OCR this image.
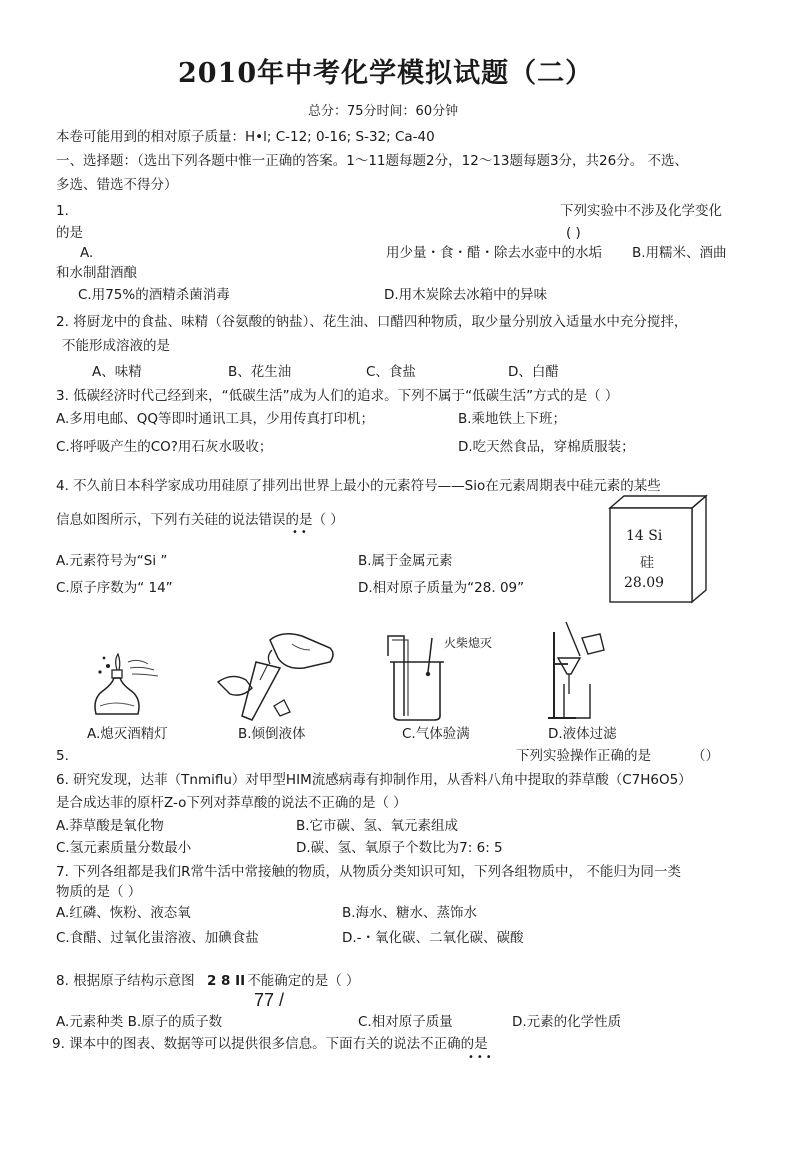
2010年中考化学模拟试题（二）
总分：75分时间：60分钟
本卷可能用到的相对原子质量：H•l; C-12; 0-16; S-32; Ca-40
一、选择题：（选出下列各题中惟一正确的答案。1～11题每题2分，12～13题每题3分，共26分。 不选、
多选、错选不得分）
1.	下列实验中不涉及化学变化
的是	( )
A.	用少量・食・醋・除去水壶中的水垢 B.用糯米、酒曲
和水制甜酒酿
C.用75%的酒精杀菌消毒	D.用木炭除去冰箱中的异味
2. 将厨龙中的食盐、味精（谷氨酸的钠盐）、花生油、口醋四种物质，取少量分别放入适量水中充分搅拌，
不能形成溶液的是
A、味精	B、花生油	C、食盐	D、白醋
3. 低碳经济时代己经到来，“低碳生活”成为人们的追求。下列不属于“低碳生活”方式的是（ ）
A.多用电邮、QQ等即时通讯工具，少用传真打印机；	B.乘地铁上下班；
C.将呼吸产生的CO?用石灰水吸收；	D.吃天然食品，穿棉质服装；
4. 不久前日本科学家成功用硅原了排列出世界上最小的元素符号——Sio在元素周期表中硅元素的某些
信息如图所示，下列冇关硅的说法错误的是（ ）
••
A.元素符号为“Si ”	B.属于金属元素
C.原子序数为“ 14”	D.相对原子质量为“28. 09”
14 Si
硅
28.09
火柴熄灭
A.熄灭酒精灯	B.倾倒液体	C.气体验满	D.液体过滤
5.	下列实验操作正确的是	（）
6. 研究发现，达菲（Tnmiflu）对甲型HIM流感病毒有抑制作用，从香料八角中提取的莽草酸（C7H6O5）
是合成达菲的原杆Z-o下列对莽草酸的说法不正确的是（ ）
A.莽草酸是氧化物	B.它市碳、氢、氧元素组成
C.氢元素质量分数最小	D.碳、氢、氧原子个数比为7: 6: 5
7. 下列各组都是我们R常牛活中常接触的物质，从物质分类知识可知，下列各组物质中， 不能归为同一类
物质的是（ ）
A.红磷、恢粉、液态氧	B.海水、糖水、蒸饰水
C.食醋、过氧化蚩溶液、加碘食盐	D.-・氧化碳、二氧化碳、碳酸
8. 根据原子结构示意图 2 8 II 不能确定的是（ ）
77 /
A.元素种类 B.原子的质子数	C.相对原子质量	D.元素的化学性质
9. 课本中的图表、数据等可以提供很多信息。下面冇关的说法不正确的是
•••
